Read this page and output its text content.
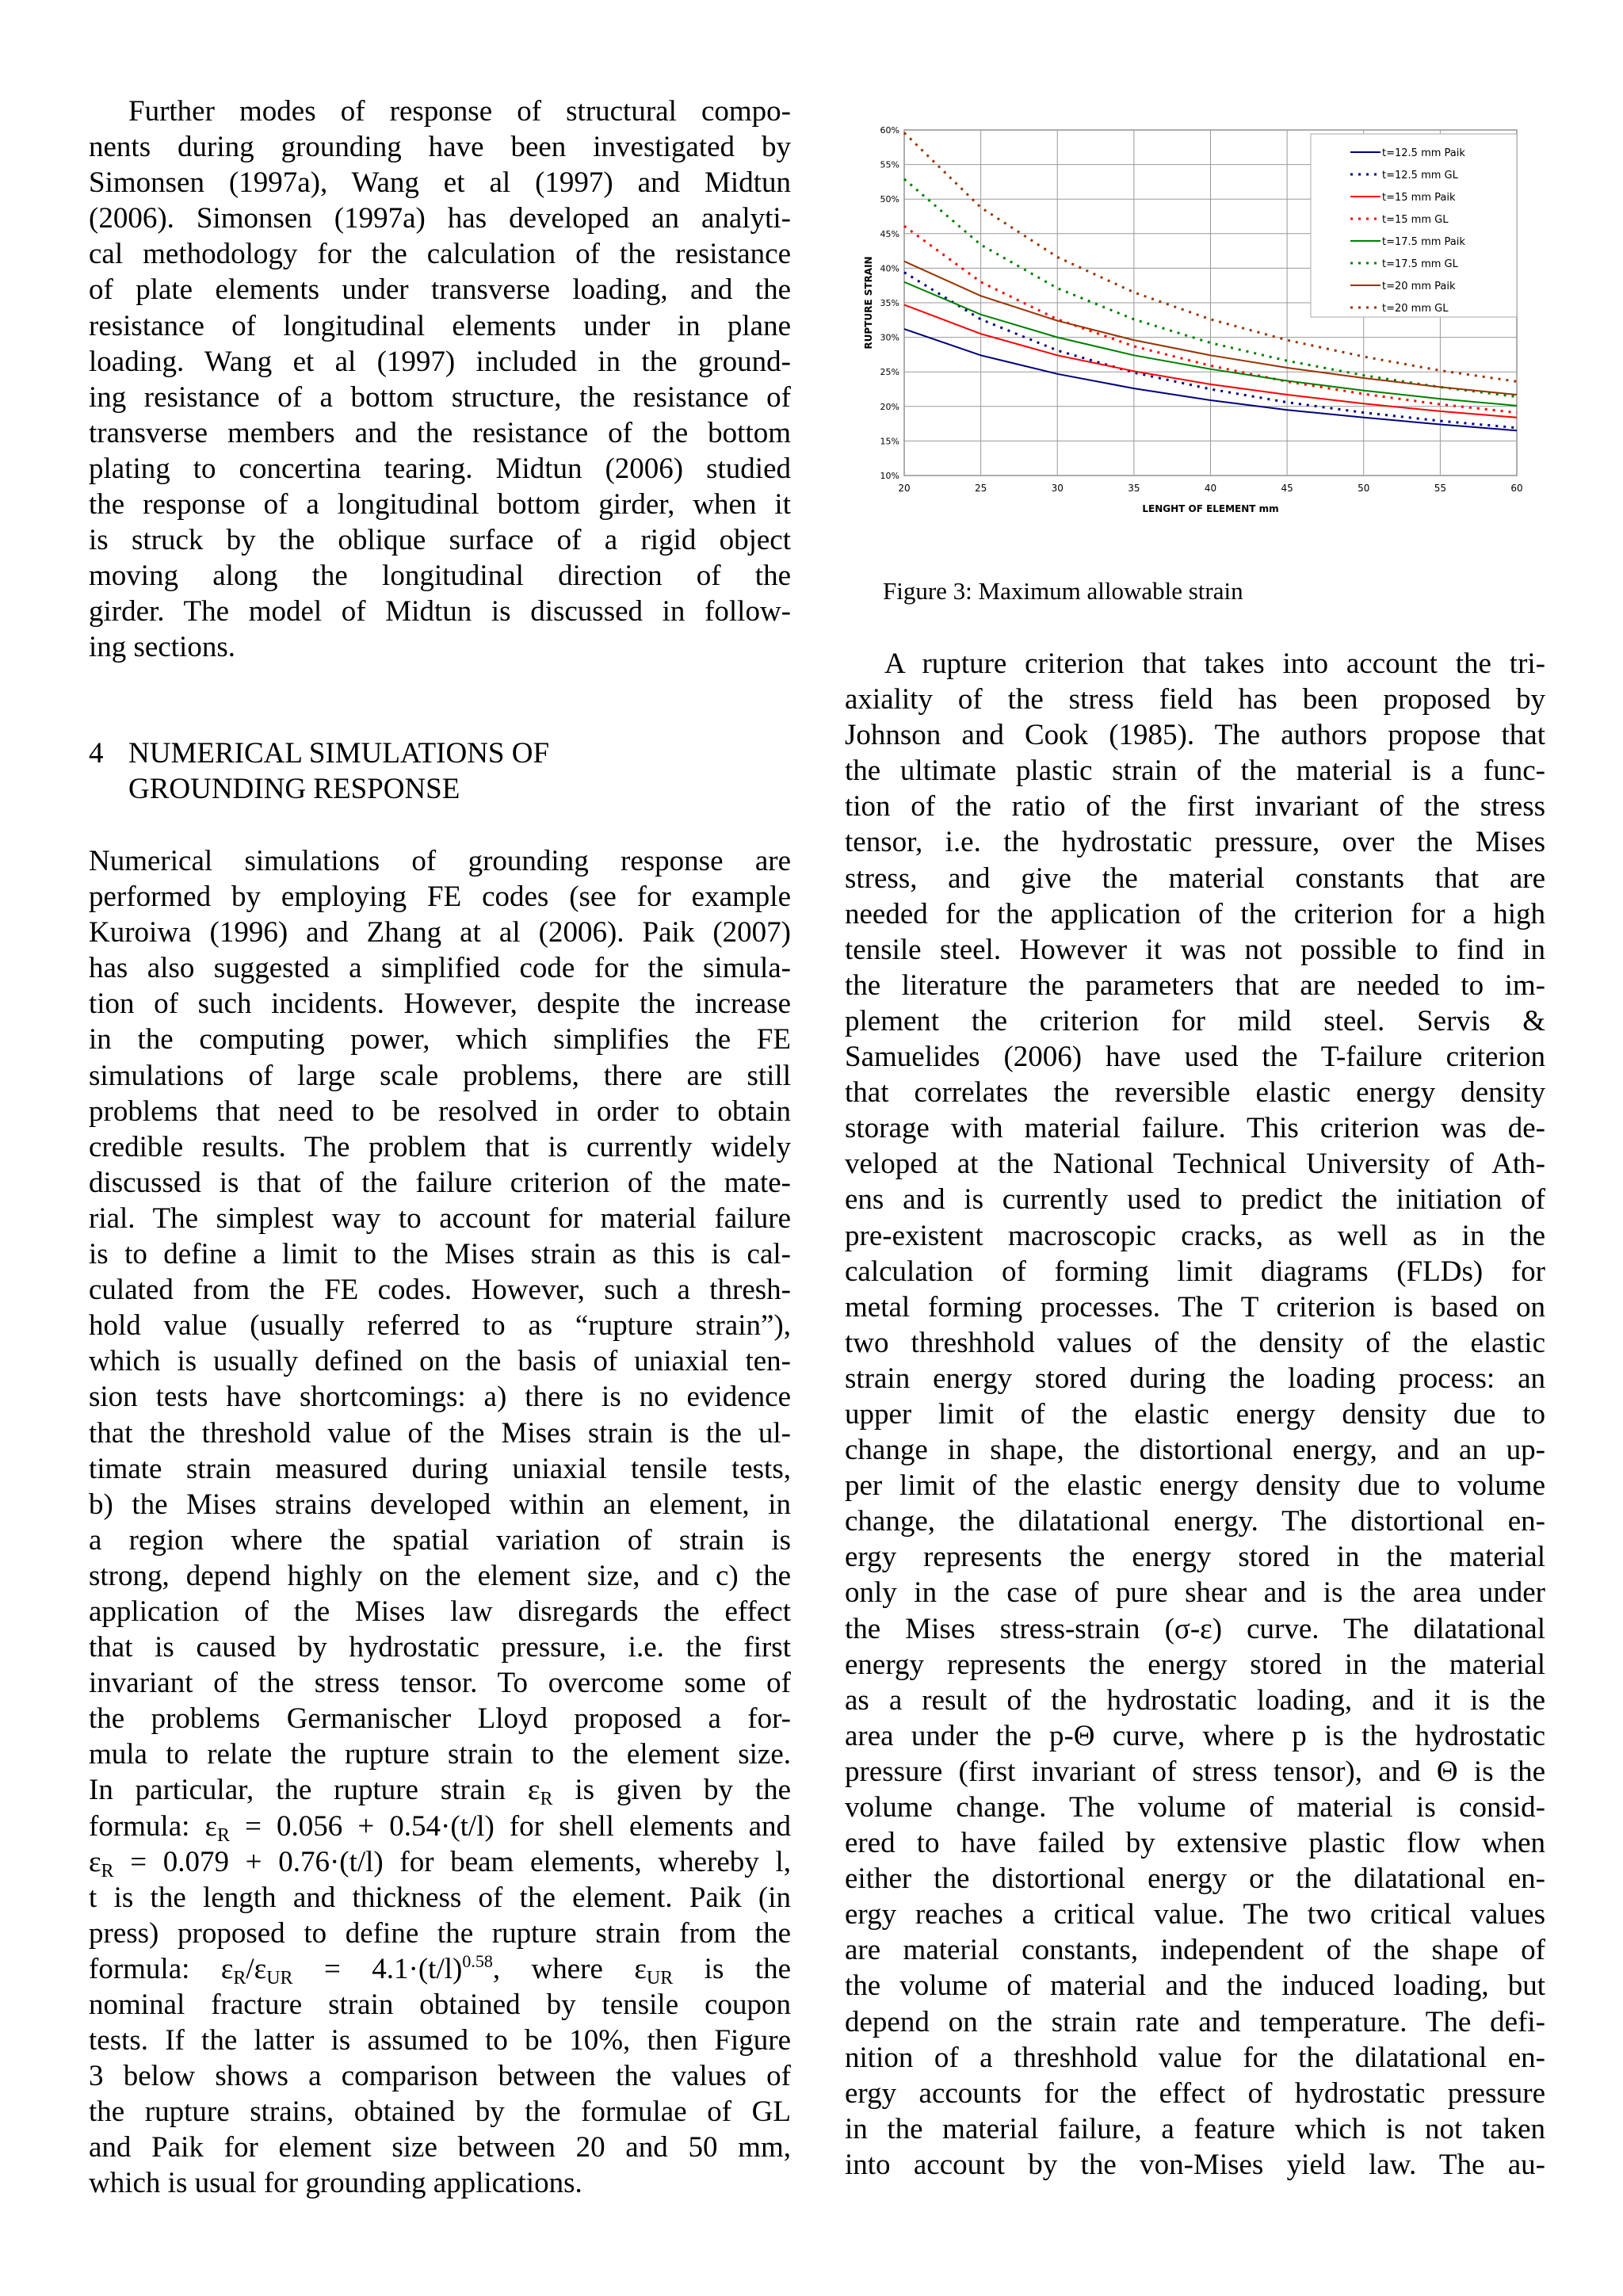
Further modes of response of structural compo-
nents during grounding have been investigated by
Simonsen (1997a), Wang et al (1997) and Midtun
(2006). Simonsen (1997a) has developed an analyti-
cal methodology for the calculation of the resistance
of plate elements under transverse loading, and the
resistance of longitudinal elements under in plane
loading. Wang et al (1997) included in the ground-
ing resistance of a bottom structure, the resistance of
transverse members and the resistance of the bottom
plating to concertina tearing. Midtun (2006) studied
the response of a longitudinal bottom girder, when it
is struck by the oblique surface of a rigid object
moving along the longitudinal direction of the
girder. The model of Midtun is discussed in follow-
ing sections.
4 NUMERICAL SIMULATIONS OF
GROUNDING RESPONSE
Numerical simulations of grounding response are
performed by employing FE codes (see for example
Kuroiwa (1996) and Zhang at al (2006). Paik (2007)
has also suggested a simplified code for the simula-
tion of such incidents. However, despite the increase
in the computing power, which simplifies the FE
simulations of large scale problems, there are still
problems that need to be resolved in order to obtain
credible results. The problem that is currently widely
discussed is that of the failure criterion of the mate-
rial. The simplest way to account for material failure
is to define a limit to the Mises strain as this is cal-
culated from the FE codes. However, such a thresh-
hold value (usually referred to as “rupture strain”),
which is usually defined on the basis of uniaxial ten-
sion tests have shortcomings: a) there is no evidence
that the threshold value of the Mises strain is the ul-
timate strain measured during uniaxial tensile tests,
b) the Mises strains developed within an element, in
a region where the spatial variation of strain is
strong, depend highly on the element size, and c) the
application of the Mises law disregards the effect
that is caused by hydrostatic pressure, i.e. the first
invariant of the stress tensor. To overcome some of
the problems Germanischer Lloyd proposed a for-
mula to relate the rupture strain to the element size.
In particular, the rupture strain $\varepsilon_R$ is given by the
formula: $\varepsilon_R = 0.056 + 0.54\cdot(t/l)$ for shell elements and
$\varepsilon_R = 0.079 + 0.76\cdot(t/l)$ for beam elements, whereby l,
t is the length and thickness of the element. Paik (in
press) proposed to define the rupture strain from the
formula: $\varepsilon_R/\varepsilon_{UR} = 4.1\cdot(t/l)^{0.58}$, where $\varepsilon_{UR}$ is the
nominal fracture strain obtained by tensile coupon
tests. If the latter is assumed to be 10%, then Figure
3 below shows a comparison between the values of
the rupture strains, obtained by the formulae of GL
and Paik for element size between 20 and 50 mm,
which is usual for grounding applications.
20	25	30	35	40	45	50	55	60
10%
15%
20%
25%
30%
35%
40%
45%
50%
55%
60%
LENGHT OF ELEMENT mm
RUPTURE STRAIN
t=12.5 mm Paik
t=12.5 mm GL
t=15 mm Paik
t=15 mm GL
t=17.5 mm Paik
t=17.5 mm GL
t=20 mm Paik
t=20 mm GL
Figure 3: Maximum allowable strain
A rupture criterion that takes into account the tri-
axiality of the stress field has been proposed by
Johnson and Cook (1985). The authors propose that
the ultimate plastic strain of the material is a func-
tion of the ratio of the first invariant of the stress
tensor, i.e. the hydrostatic pressure, over the Mises
stress, and give the material constants that are
needed for the application of the criterion for a high
tensile steel. However it was not possible to find in
the literature the parameters that are needed to im-
plement the criterion for mild steel. Servis &
Samuelides (2006) have used the T-failure criterion
that correlates the reversible elastic energy density
storage with material failure. This criterion was de-
veloped at the National Technical University of Ath-
ens and is currently used to predict the initiation of
pre-existent macroscopic cracks, as well as in the
calculation of forming limit diagrams (FLDs) for
metal forming processes. The T criterion is based on
two threshhold values of the density of the elastic
strain energy stored during the loading process: an
upper limit of the elastic energy density due to
change in shape, the distortional energy, and an up-
per limit of the elastic energy density due to volume
change, the dilatational energy. The distortional en-
ergy represents the energy stored in the material
only in the case of pure shear and is the area under
the Mises stress-strain (σ-ε) curve. The dilatational
energy represents the energy stored in the material
as a result of the hydrostatic loading, and it is the
area under the p-Θ curve, where p is the hydrostatic
pressure (first invariant of stress tensor), and Θ is the
volume change. The volume of material is consid-
ered to have failed by extensive plastic flow when
either the distortional energy or the dilatational en-
ergy reaches a critical value. The two critical values
are material constants, independent of the shape of
the volume of material and the induced loading, but
depend on the strain rate and temperature. The defi-
nition of a threshhold value for the dilatational en-
ergy accounts for the effect of hydrostatic pressure
in the material failure, a feature which is not taken
into account by the von-Mises yield law. The au-
